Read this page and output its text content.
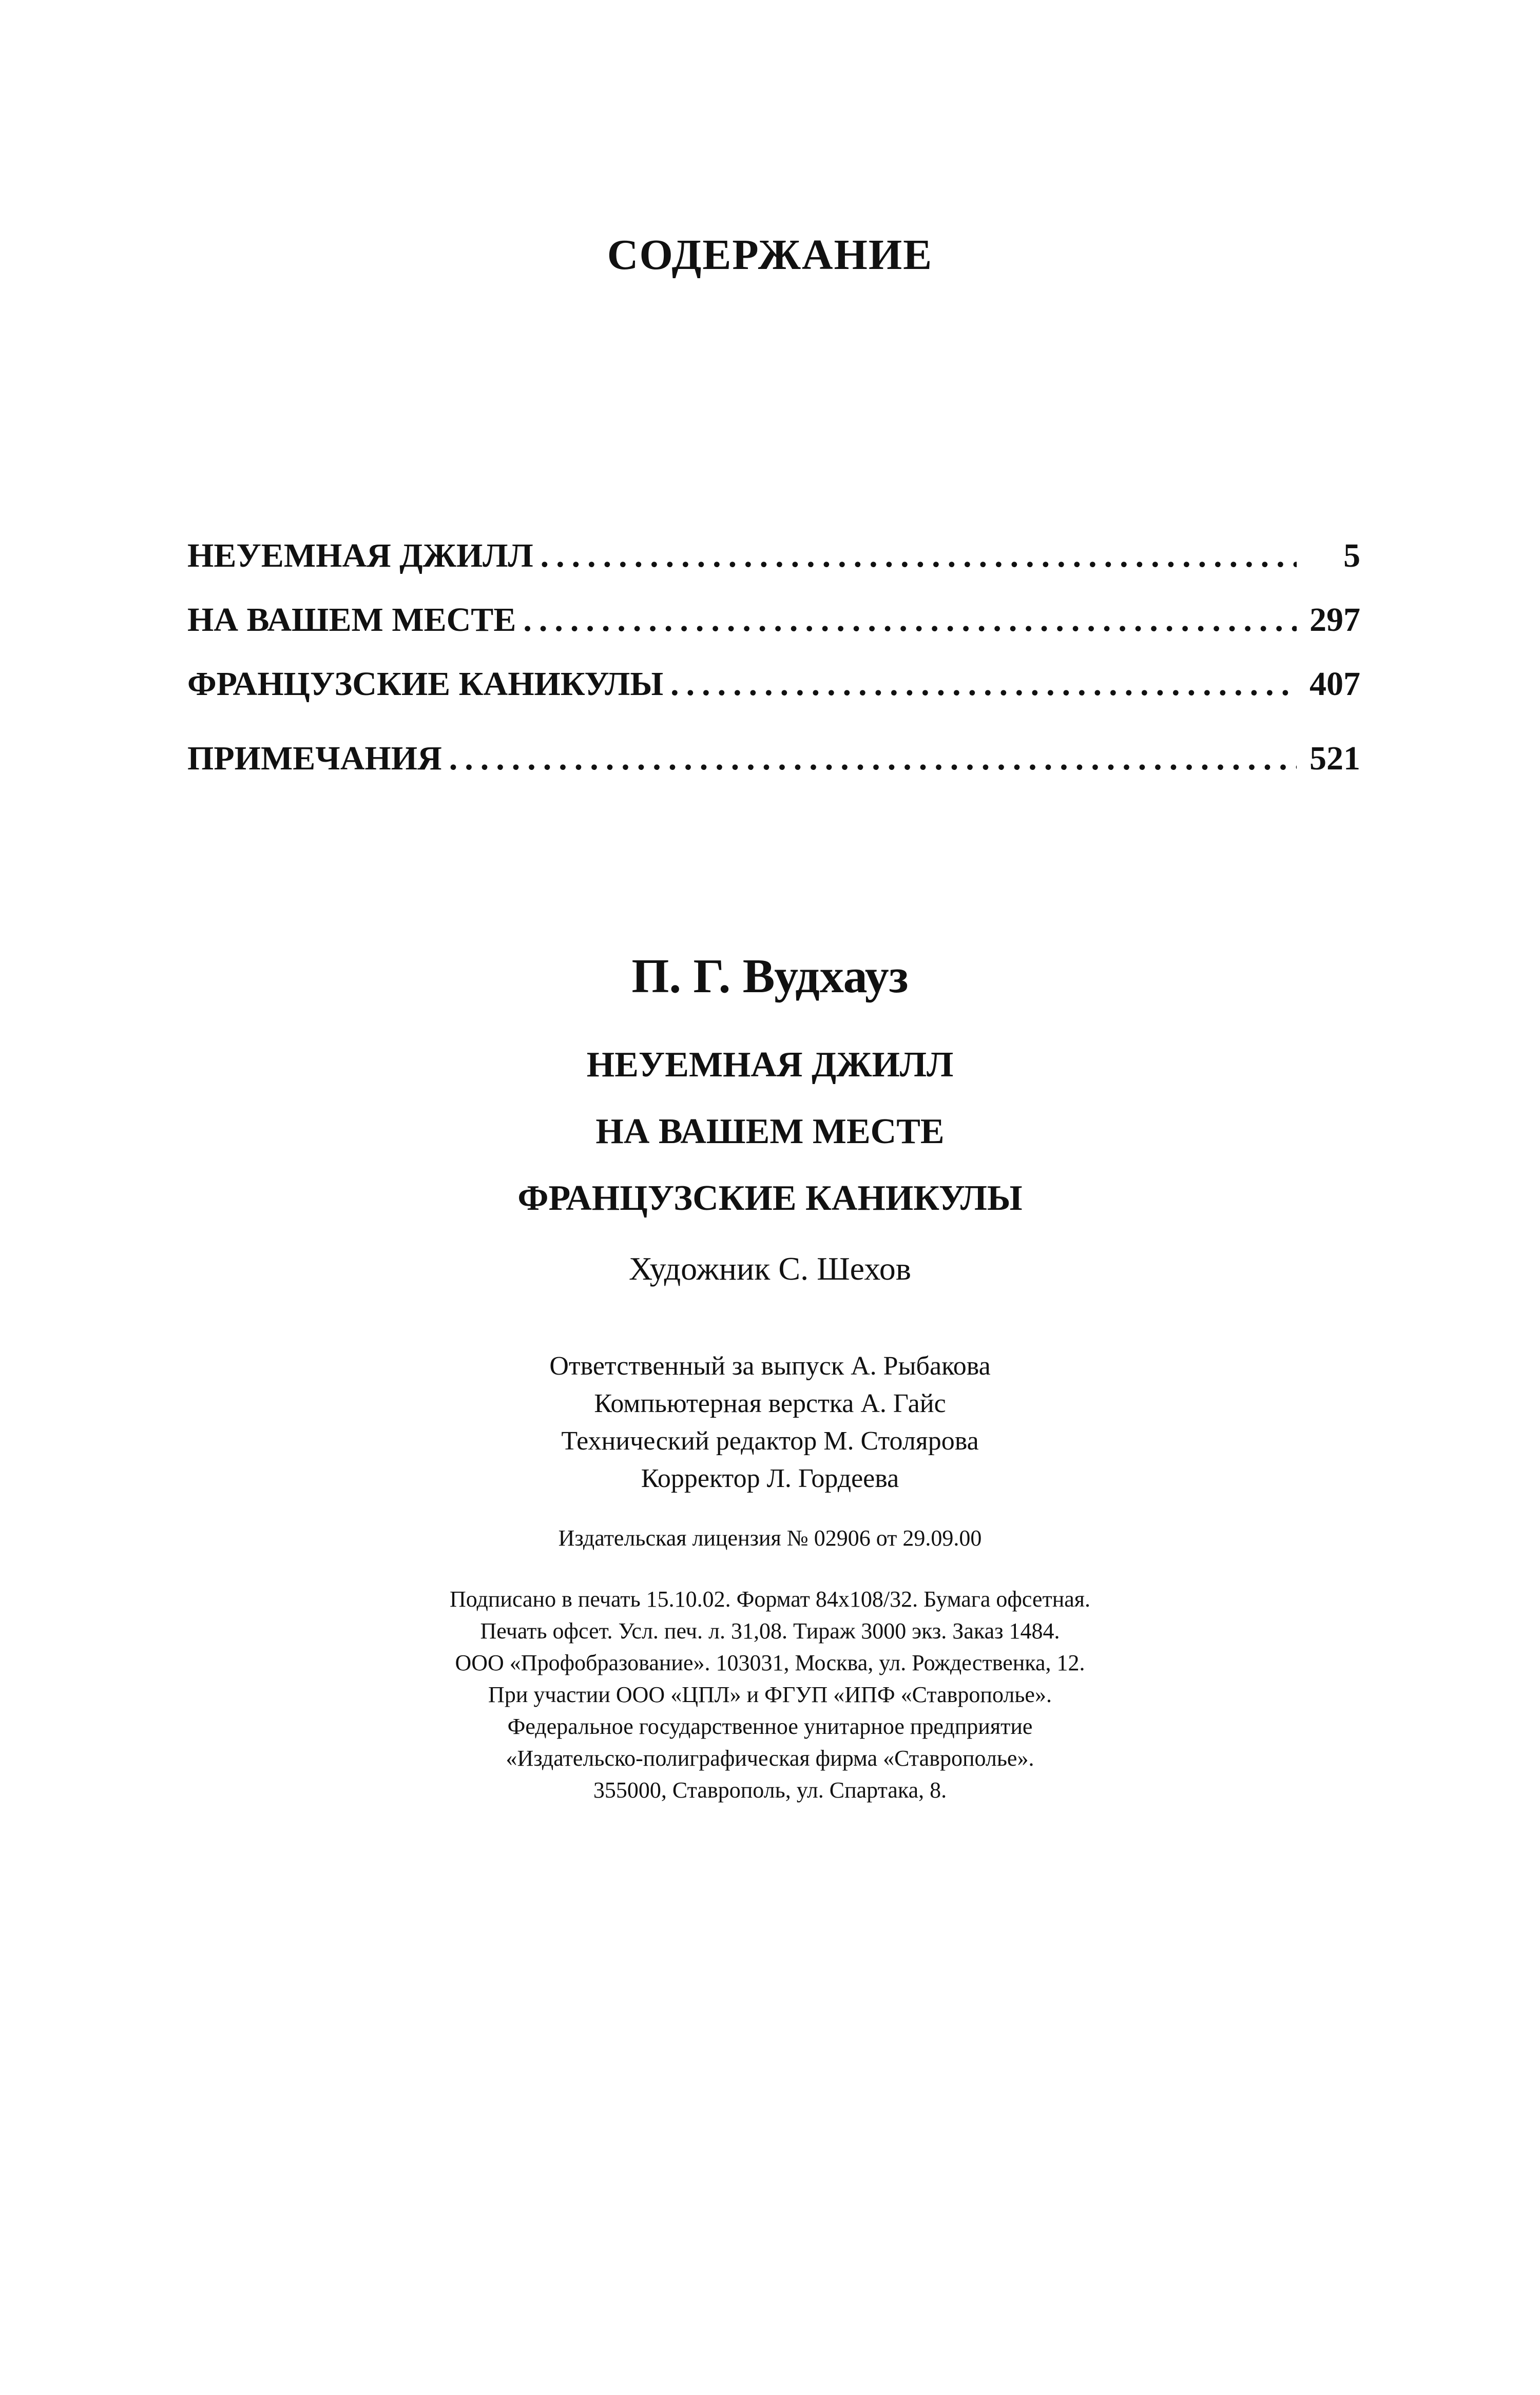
СОДЕРЖАНИЕ
НЕУЕМНАЯ ДЖИЛЛ .....	5
НА ВАШЕМ МЕСТЕ .....	297
ФРАНЦУЗСКИЕ КАНИКУЛЫ .....	407
ПРИМЕЧАНИЯ .....	521
П. Г. Вудхауз
НЕУЕМНАЯ ДЖИЛЛ
НА ВАШЕМ МЕСТЕ
ФРАНЦУЗСКИЕ КАНИКУЛЫ
Художник С. Шехов
Ответственный за выпуск А. Рыбакова
Компьютерная верстка А. Гайс
Технический редактор М. Столярова
Корректор Л. Гордеева
Издательская лицензия № 02906 от 29.09.00
Подписано в печать 15.10.02. Формат 84x108/32. Бумага офсетная.
Печать офсет. Усл. печ. л. 31,08. Тираж 3000 экз. Заказ 1484.
ООО «Профобразование». 103031, Москва, ул. Рождественка, 12.
При участии ООО «ЦПЛ» и ФГУП «ИПФ «Ставрополье».
Федеральное государственное унитарное предприятие
«Издательско-полиграфическая фирма «Ставрополье».
355000, Ставрополь, ул. Спартака, 8.
